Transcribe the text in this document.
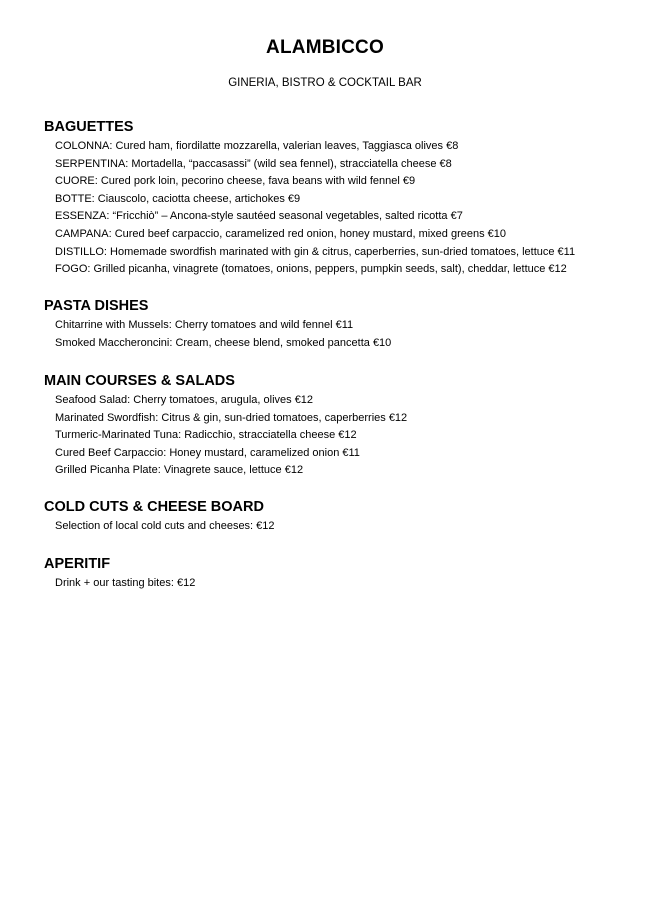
ALAMBICCO
GINERIA, BISTRO & COCKTAIL BAR
BAGUETTES
COLONNA: Cured ham, fiordilatte mozzarella, valerian leaves, Taggiasca olives €8
SERPENTINA: Mortadella, “paccasassi” (wild sea fennel), stracciatella cheese €8
CUORE: Cured pork loin, pecorino cheese, fava beans with wild fennel €9
BOTTE: Ciauscolo, caciotta cheese, artichokes €9
ESSENZA: “Fricchiò” – Ancona-style sautéed seasonal vegetables, salted ricotta €7
CAMPANA: Cured beef carpaccio, caramelized red onion, honey mustard, mixed greens €10
DISTILLO: Homemade swordfish marinated with gin & citrus, caperberries, sun-dried tomatoes, lettuce €11
FOGO: Grilled picanha, vinagrete (tomatoes, onions, peppers, pumpkin seeds, salt), cheddar, lettuce €12
PASTA DISHES
Chitarrine with Mussels: Cherry tomatoes and wild fennel €11
Smoked Maccheroncini: Cream, cheese blend, smoked pancetta €10
MAIN COURSES & SALADS
Seafood Salad: Cherry tomatoes, arugula, olives €12
Marinated Swordfish: Citrus & gin, sun-dried tomatoes, caperberries €12
Turmeric-Marinated Tuna: Radicchio, stracciatella cheese €12
Cured Beef Carpaccio: Honey mustard, caramelized onion €11
Grilled Picanha Plate: Vinagrete sauce, lettuce €12
COLD CUTS & CHEESE BOARD
Selection of local cold cuts and cheeses: €12
APERITIF
Drink + our tasting bites: €12
